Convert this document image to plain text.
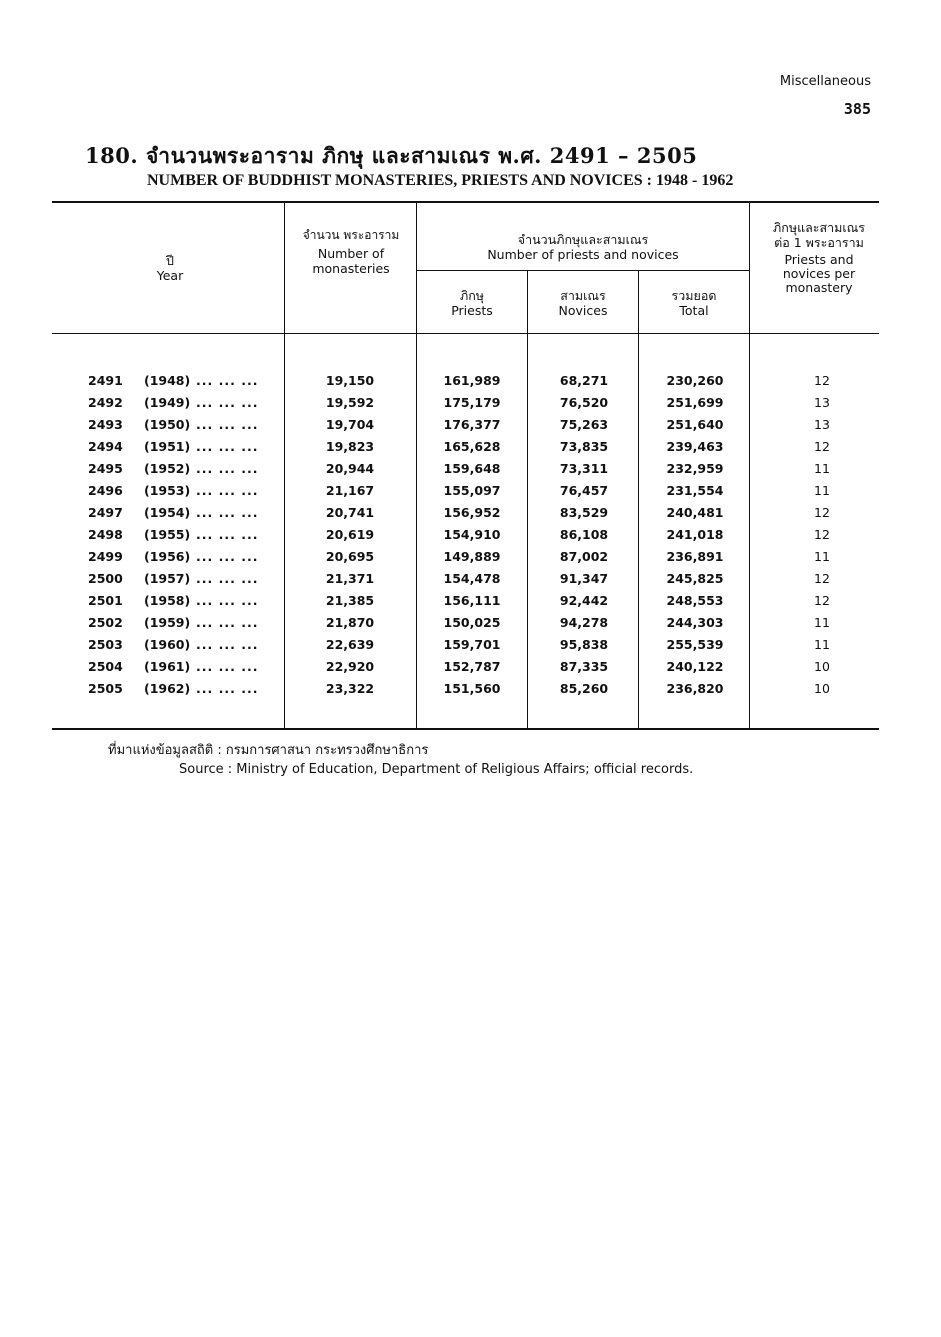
Miscellaneous
385
180. จำนวนพระอาราม ภิกษุ และสามเณร พ.ศ. 2491 – 2505
NUMBER OF BUDDHIST MONASTERIES, PRIESTS AND NOVICES : 1948 - 1962
ปี
Year
จำนวน พระอาราม
Number of monasteries
จำนวนภิกษุและสามเณร
Number of priests and novices
ภิกษุ
Priests
สามเณร
Novices
รวมยอด
Total
ภิกษุและสามเณร
ต่อ 1 พระอาราม
Priests and novices per monastery
2491 (1948) ... ... ...	19,150	161,989	68,271	230,260	12
2492 (1949) ... ... ...	19,592	175,179	76,520	251,699	13
2493 (1950) ... ... ...	19,704	176,377	75,263	251,640	13
2494 (1951) ... ... ...	19,823	165,628	73,835	239,463	12
2495 (1952) ... ... ...	20,944	159,648	73,311	232,959	11
2496 (1953) ... ... ...	21,167	155,097	76,457	231,554	11
2497 (1954) ... ... ...	20,741	156,952	83,529	240,481	12
2498 (1955) ... ... ...	20,619	154,910	86,108	241,018	12
2499 (1956) ... ... ...	20,695	149,889	87,002	236,891	11
2500 (1957) ... ... ...	21,371	154,478	91,347	245,825	12
2501 (1958) ... ... ...	21,385	156,111	92,442	248,553	12
2502 (1959) ... ... ...	21,870	150,025	94,278	244,303	11
2503 (1960) ... ... ...	22,639	159,701	95,838	255,539	11
2504 (1961) ... ... ...	22,920	152,787	87,335	240,122	10
2505 (1962) ... ... ...	23,322	151,560	85,260	236,820	10
ที่มาแห่งข้อมูลสถิติ : กรมการศาสนา กระทรวงศึกษาธิการ
Source : Ministry of Education, Department of Religious Affairs; official records.
